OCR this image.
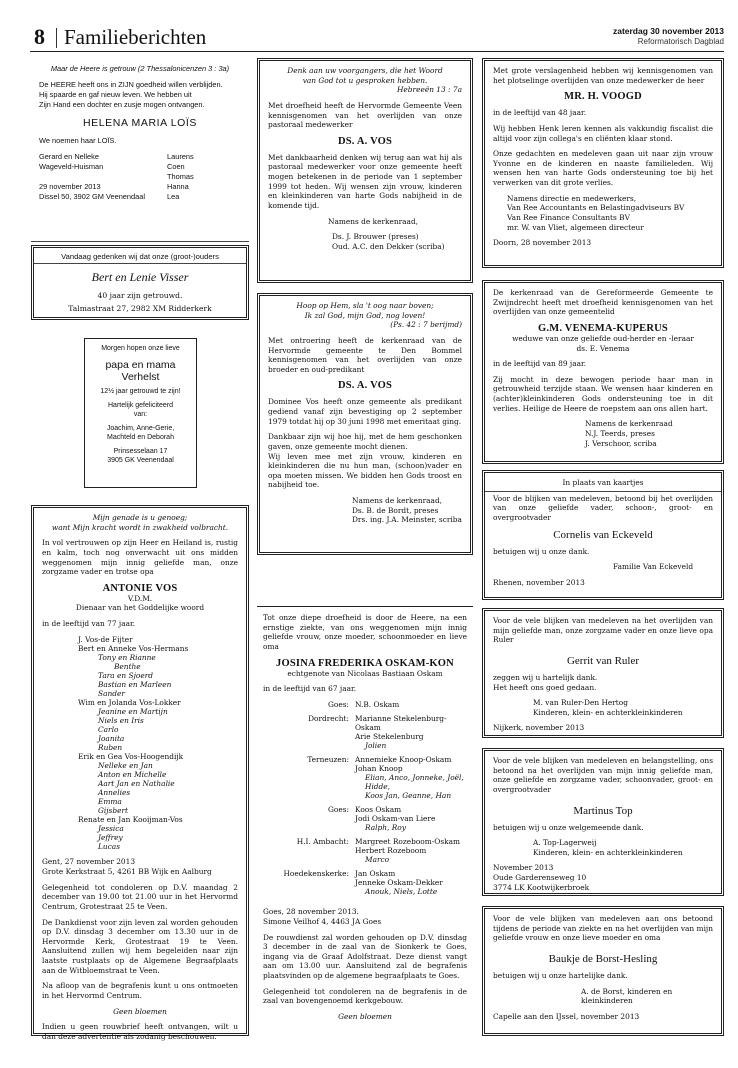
8 Familieberichten	zaterdag 30 november 2013
Reformatorisch Dagblad

Maar de Heere is getrouw (2 Thessalonicenzen 3 : 3a)

De HEERE heeft ons in ZIJN goedheid willen verblijden.

Hij spaarde en gaf nieuw leven. We hebben uit

Zijn Hand een dochter en zusje mogen ontvangen.

HELENA MARIA LOÏS

We noemen haar LOÏS.

Gerard en Nelleke

Wageveld-Huisman

29 november 2013

Dissel 50, 3902 GM Veenendaal

Laurens

Coen

Thomas

Hanna

Lea

Vandaag gedenken wij dat onze (groot-)ouders

Bert en Lenie Visser

40 jaar zijn getrouwd.

Talmastraat 27, 2982 XM Ridderkerk

Morgen hopen onze lieve

papa en mama

Verhelst

12½ jaar getrouwd te zijn!

Hartelijk gefeliciteerd

van:

Joachim, Anne-Gerie,

Machteld en Deborah

Prinsesselaan 17

3905 GK Veenendaal

Mijn genade is u genoeg;

want Mijn kracht wordt in zwakheid volbracht.

In vol vertrouwen op zijn Heer en Heiland is, rustig en kalm, toch nog onverwacht uit ons midden weggenomen mijn innig geliefde man, onze zorgzame vader en trotse opa

ANTONIE VOS

V.D.M.

Dienaar van het Goddelijke woord

in de leeftijd van 77 jaar.

J. Vos-de Fijter

Bert en Anneke Vos-Hermans

Tony en Rianne

Benthe

Tara en Sjoerd

Bastian en Marleen

Sander

Wim en Jolanda Vos-Lokker

Jeanine en Martijn

Niels en Iris

Carlo

Joanita

Ruben

Erik en Gea Vos-Hoogendijk

Nelleke en Jan

Anton en Michelle

Aart Jan en Nathalie

Annelies

Emma

Gijsbert

Renate en Jan Kooijman-Vos

Jessica

Jeffrey

Lucas

Gent, 27 november 2013

Grote Kerkstraat 5, 4261 BB Wijk en Aalburg

Gelegenheid tot condoleren op D.V. maandag 2 december van 19.00 tot 21.00 uur in het Hervormd Centrum, Grotestraat 25 te Veen.

De Dankdienst voor zijn leven zal worden gehouden op D.V. dinsdag 3 december om 13.30 uur in de Hervormde Kerk, Grotestraat 19 te Veen. Aansluitend zullen wij hem begeleiden naar zijn laatste rustplaats op de Algemene Begraafplaats aan de Witbloemstraat te Veen.

Na afloop van de begrafenis kunt u ons ontmoeten in het Hervormd Centrum.

Geen bloemen

Indien u geen rouwbrief heeft ontvangen, wilt u dan deze advertentie als zodanig beschouwen.

Denk aan uw voorgangers, die het Woord

van God tot u gesproken hebben.

Hebreeën 13 : 7a

Met droefheid heeft de Hervormde Gemeente Veen kennisgenomen van het overlijden van onze pastoraal medewerker

DS. A. VOS

Met dankbaarheid denken wij terug aan wat hij als pastoraal medewerker voor onze gemeente heeft mogen betekenen in de periode van 1 september 1999 tot heden. Wij wensen zijn vrouw, kinderen en kleinkinderen van harte Gods nabijheid in de komende tijd.

Namens de kerkenraad,

Ds. J. Brouwer (preses)

Oud. A.C. den Dekker (scriba)

Hoop op Hem, sla 't oog naar boven;

Ik zal God, mijn God, nog loven!

(Ps. 42 : 7 berijmd)

Met ontroering heeft de kerkenraad van de Hervormde gemeente te Den Bommel kennisgenomen van het overlijden van onze broeder en oud-predikant

DS. A. VOS

Dominee Vos heeft onze gemeente als predikant gediend vanaf zijn bevestiging op 2 september 1979 totdat hij op 30 juni 1998 met emeritaat ging.

Dankbaar zijn wij hoe hij, met de hem geschonken gaven, onze gemeente mocht dienen.

Wij leven mee met zijn vrouw, kinderen en kleinkinderen die nu hun man, (schoon)vader en opa moeten missen. We bidden hen Gods troost en nabijheid toe.

Namens de kerkenraad,

Ds. B. de Bordt, preses

Drs. ing. J.A. Meinster, scriba

Tot onze diepe droefheid is door de Heere, na een ernstige ziekte, van ons weggenomen mijn innig geliefde vrouw, onze moeder, schoonmoeder en lieve oma

JOSINA FREDERIKA OSKAM-KON

echtgenote van Nicolaas Bastiaan Oskam

in de leeftijd van 67 jaar.

Goes: N.B. Oskam

Dordrecht: Marianne Stekelenburg-Oskam

Arie Stekelenburg

Jolien

Terneuzen: Annemieke Knoop-Oskam

Johan Knoop

Elian, Anco, Jonneke, Joël, Hidde,

Koos Jan, Geanne, Han

Goes: Koos Oskam

Jodi Oskam-van Liere

Ralph, Roy

H.I. Ambacht: Margreet Rozeboom-Oskam

Herbert Rozeboom

Marco

Hoedekenskerke: Jan Oskam

Jenneke Oskam-Dekker

Anouk, Niels, Lotte

Goes, 28 november 2013.

Simone Veilhof 4, 4463 JA Goes

De rouwdienst zal worden gehouden op D.V. dinsdag 3 december in de zaal van de Sionkerk te Goes, ingang via de Graaf Adolfstraat. Deze dienst vangt aan om 13.00 uur. Aansluitend zal de begrafenis plaatsvinden op de algemene begraafplaats te Goes.

Gelegenheid tot condoleren na de begrafenis in de zaal van bovengenoemd kerkgebouw.

Geen bloemen

Met grote verslagenheid hebben wij kennisgenomen van het plotselinge overlijden van onze medewerker de heer

MR. H. VOOGD

in de leeftijd van 48 jaar.

Wij hebben Henk leren kennen als vakkundig fiscalist die altijd voor zijn collega's en cliënten klaar stond.

Onze gedachten en medeleven gaan uit naar zijn vrouw Yvonne en de kinderen en naaste familieleden. Wij wensen hen van harte Gods ondersteuning toe bij het verwerken van dit grote verlies.

Namens directie en medewerkers,

Van Ree Accountants en Belastingadviseurs BV

Van Ree Finance Consultants BV

mr. W. van Vliet, algemeen directeur

Doorn, 28 november 2013

De kerkenraad van de Gereformeerde Gemeente te Zwijndrecht heeft met droefheid kennisgenomen van het overlijden van onze gemeentelid

G.M. VENEMA-KUPERUS

weduwe van onze geliefde oud-herder en -leraar

ds. E. Venema

in de leeftijd van 89 jaar.

Zij mocht in deze bewogen periode haar man in getrouwheid terzijde staan. We wensen haar kinderen en (achter)kleinkinderen Gods ondersteuning toe in dit verlies. Heilige de Heere de roepstem aan ons allen hart.

Namens de kerkenraad

N.J. Teerds, preses

J. Verschoor, scriba

In plaats van kaartjes

Voor de blijken van medeleven, betoond bij het overlijden van onze geliefde vader, schoon-, groot- en overgrootvader

Cornelis van Eckeveld

betuigen wij u onze dank.

Familie Van Eckeveld

Rhenen, november 2013

Voor de vele blijken van medeleven na het overlijden van mijn geliefde man, onze zorgzame vader en onze lieve opa Ruler

Gerrit van Ruler

zeggen wij u hartelijk dank.

Het heeft ons goed gedaan.

M. van Ruler-Den Hertog

Kinderen, klein- en achterkleinkinderen

Nijkerk, november 2013

Voor de vele blijken van medeleven en belangstelling, ons betoond na het overlijden van mijn innig geliefde man, onze geliefde en zorgzame vader, schoonvader, groot- en overgrootvader

Martinus Top

betuigen wij u onze welgemeende dank.

A. Top-Lagerweij

Kinderen, klein- en achterkleinkinderen

November 2013

Oude Garderenseweg 10

3774 LK Kootwijkerbroek

Voor de vele blijken van medeleven aan ons betoond tijdens de periode van ziekte en na het overlijden van mijn geliefde vrouw en onze lieve moeder en oma

Baukje de Borst-Hesling

betuigen wij u onze hartelijke dank.

A. de Borst, kinderen en

kleinkinderen

Capelle aan den IJssel, november 2013
